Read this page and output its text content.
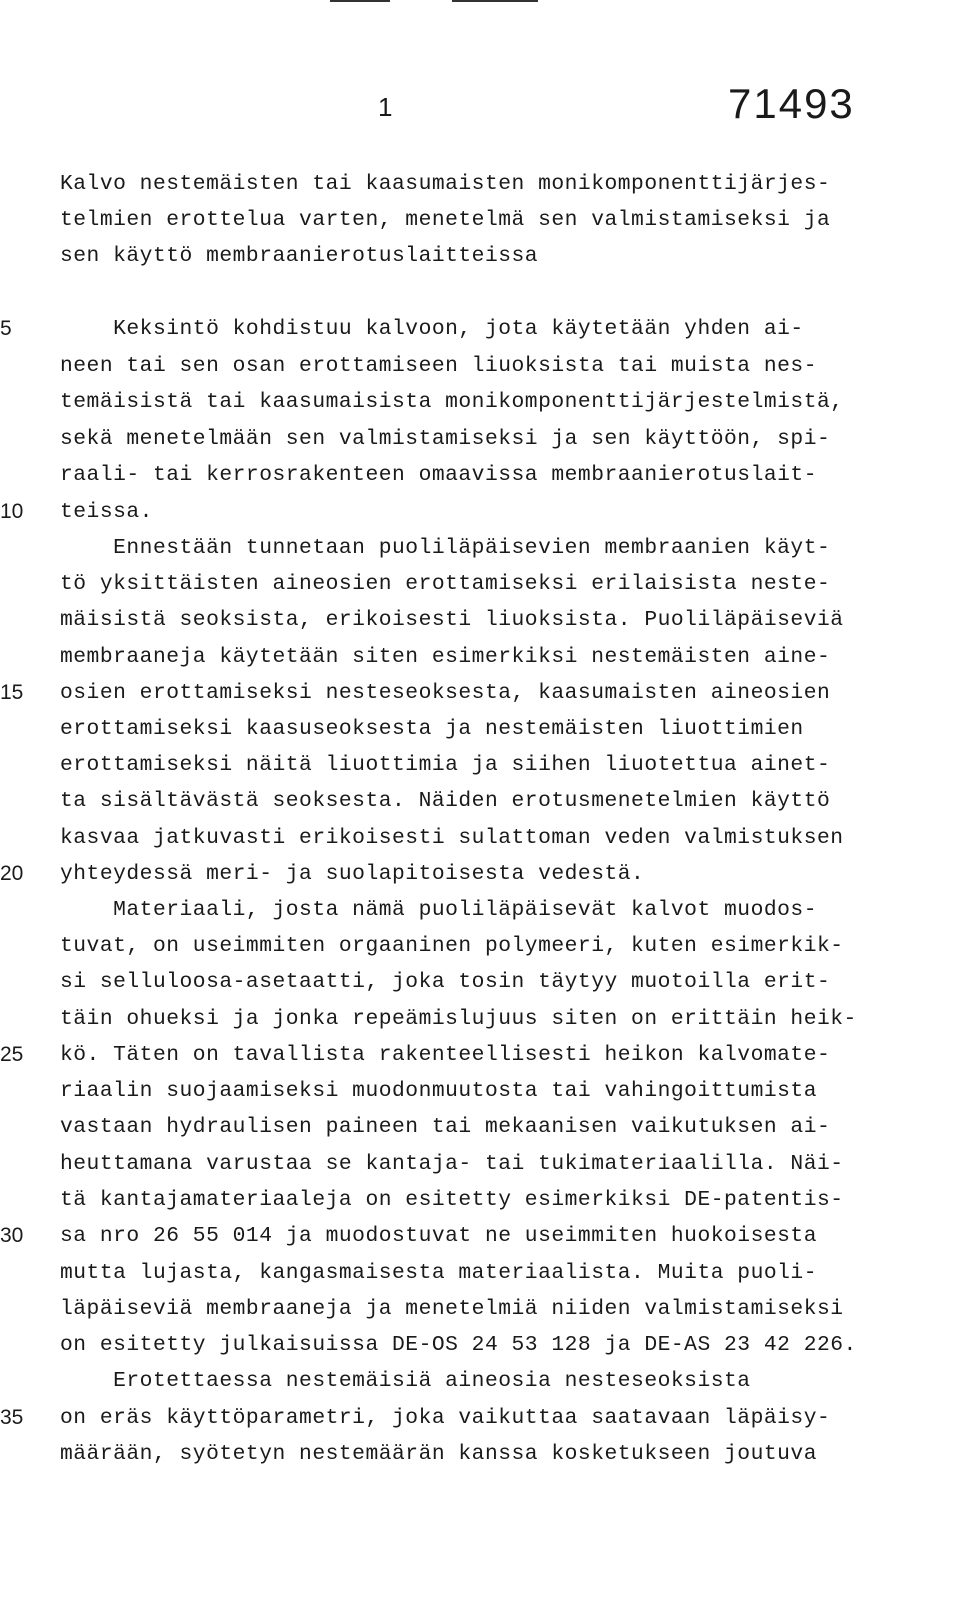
1	71493
5
10
15
20
25
30
35
Kalvo nestemäisten tai kaasumaisten monikomponenttijärjes-
telmien erottelua varten, menetelmä sen valmistamiseksi ja
sen käyttö membraanierotuslaitteissa
Keksintö kohdistuu kalvoon, jota käytetään yhden ai-
neen tai sen osan erottamiseen liuoksista tai muista nes-
temäisistä tai kaasumaisista monikomponenttijärjestelmistä,
sekä menetelmään sen valmistamiseksi ja sen käyttöön, spi-
raali- tai kerrosrakenteen omaavissa membraanierotuslait-
teissa.
Ennestään tunnetaan puoliläpäisevien membraanien käyt-
tö yksittäisten aineosien erottamiseksi erilaisista neste-
mäisistä seoksista, erikoisesti liuoksista. Puoliläpäiseviä
membraaneja käytetään siten esimerkiksi nestemäisten aine-
osien erottamiseksi nesteseoksesta, kaasumaisten aineosien
erottamiseksi kaasuseoksesta ja nestemäisten liuottimien
erottamiseksi näitä liuottimia ja siihen liuotettua ainet-
ta sisältävästä seoksesta. Näiden erotusmenetelmien käyttö
kasvaa jatkuvasti erikoisesti sulattoman veden valmistuksen
yhteydessä meri- ja suolapitoisesta vedestä.
Materiaali, josta nämä puoliläpäisevät kalvot muodos-
tuvat, on useimmiten orgaaninen polymeeri, kuten esimerkik-
si selluloosa-asetaatti, joka tosin täytyy muotoilla erit-
täin ohueksi ja jonka repeämislujuus siten on erittäin heik-
kö. Täten on tavallista rakenteellisesti heikon kalvomate-
riaalin suojaamiseksi muodonmuutosta tai vahingoittumista
vastaan hydraulisen paineen tai mekaanisen vaikutuksen ai-
heuttamana varustaa se kantaja- tai tukimateriaalilla. Näi-
tä kantajamateriaaleja on esitetty esimerkiksi DE-patentis-
sa nro 26 55 014 ja muodostuvat ne useimmiten huokoisesta
mutta lujasta, kangasmaisesta materiaalista. Muita puoli-
läpäiseviä membraaneja ja menetelmiä niiden valmistamiseksi
on esitetty julkaisuissa DE-OS 24 53 128 ja DE-AS 23 42 226.
Erotettaessa nestemäisiä aineosia nesteseoksista
on eräs käyttöparametri, joka vaikuttaa saatavaan läpäisy-
määrään, syötetyn nestemäärän kanssa kosketukseen joutuva
